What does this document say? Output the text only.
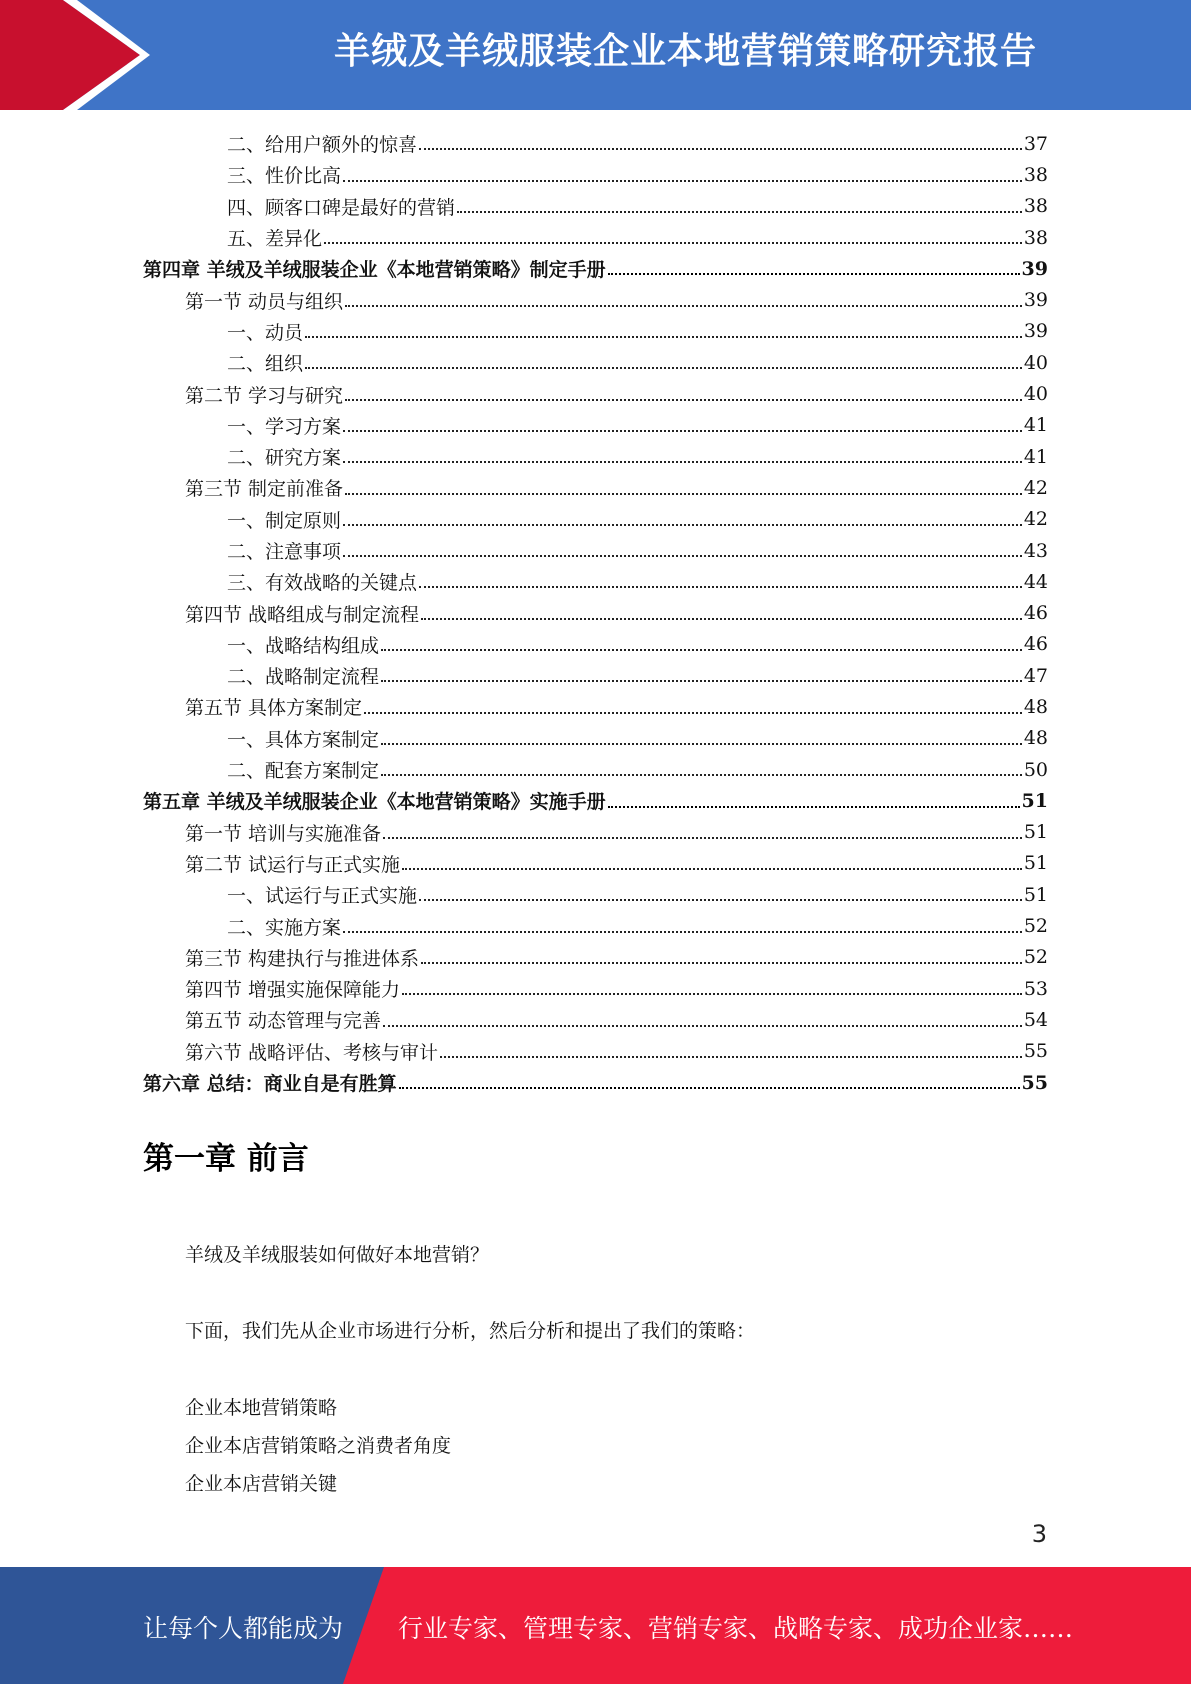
羊绒及羊绒服装企业本地营销策略研究报告
二、给用户额外的惊喜	37
三、性价比高	38
四、顾客口碑是最好的营销	38
五、差异化	38
第四章 羊绒及羊绒服装企业《本地营销策略》制定手册	39
第一节 动员与组织	39
一、动员	39
二、组织	40
第二节 学习与研究	40
一、学习方案	41
二、研究方案	41
第三节 制定前准备	42
一、制定原则	42
二、注意事项	43
三、有效战略的关键点	44
第四节 战略组成与制定流程	46
一、战略结构组成	46
二、战略制定流程	47
第五节 具体方案制定	48
一、具体方案制定	48
二、配套方案制定	50
第五章 羊绒及羊绒服装企业《本地营销策略》实施手册	51
第一节 培训与实施准备	51
第二节 试运行与正式实施	51
一、试运行与正式实施	51
二、实施方案	52
第三节 构建执行与推进体系	52
第四节 增强实施保障能力	53
第五节 动态管理与完善	54
第六节 战略评估、考核与审计	55
第六章 总结：商业自是有胜算	55
第一章 前言

羊绒及羊绒服装如何做好本地营销？

下面，我们先从企业市场进行分析，然后分析和提出了我们的策略：

企业本地营销策略

企业本店营销策略之消费者角度

企业本店营销关键

3
让每个人都能成为 行业专家、管理专家、营销专家、战略专家、成功企业家……
